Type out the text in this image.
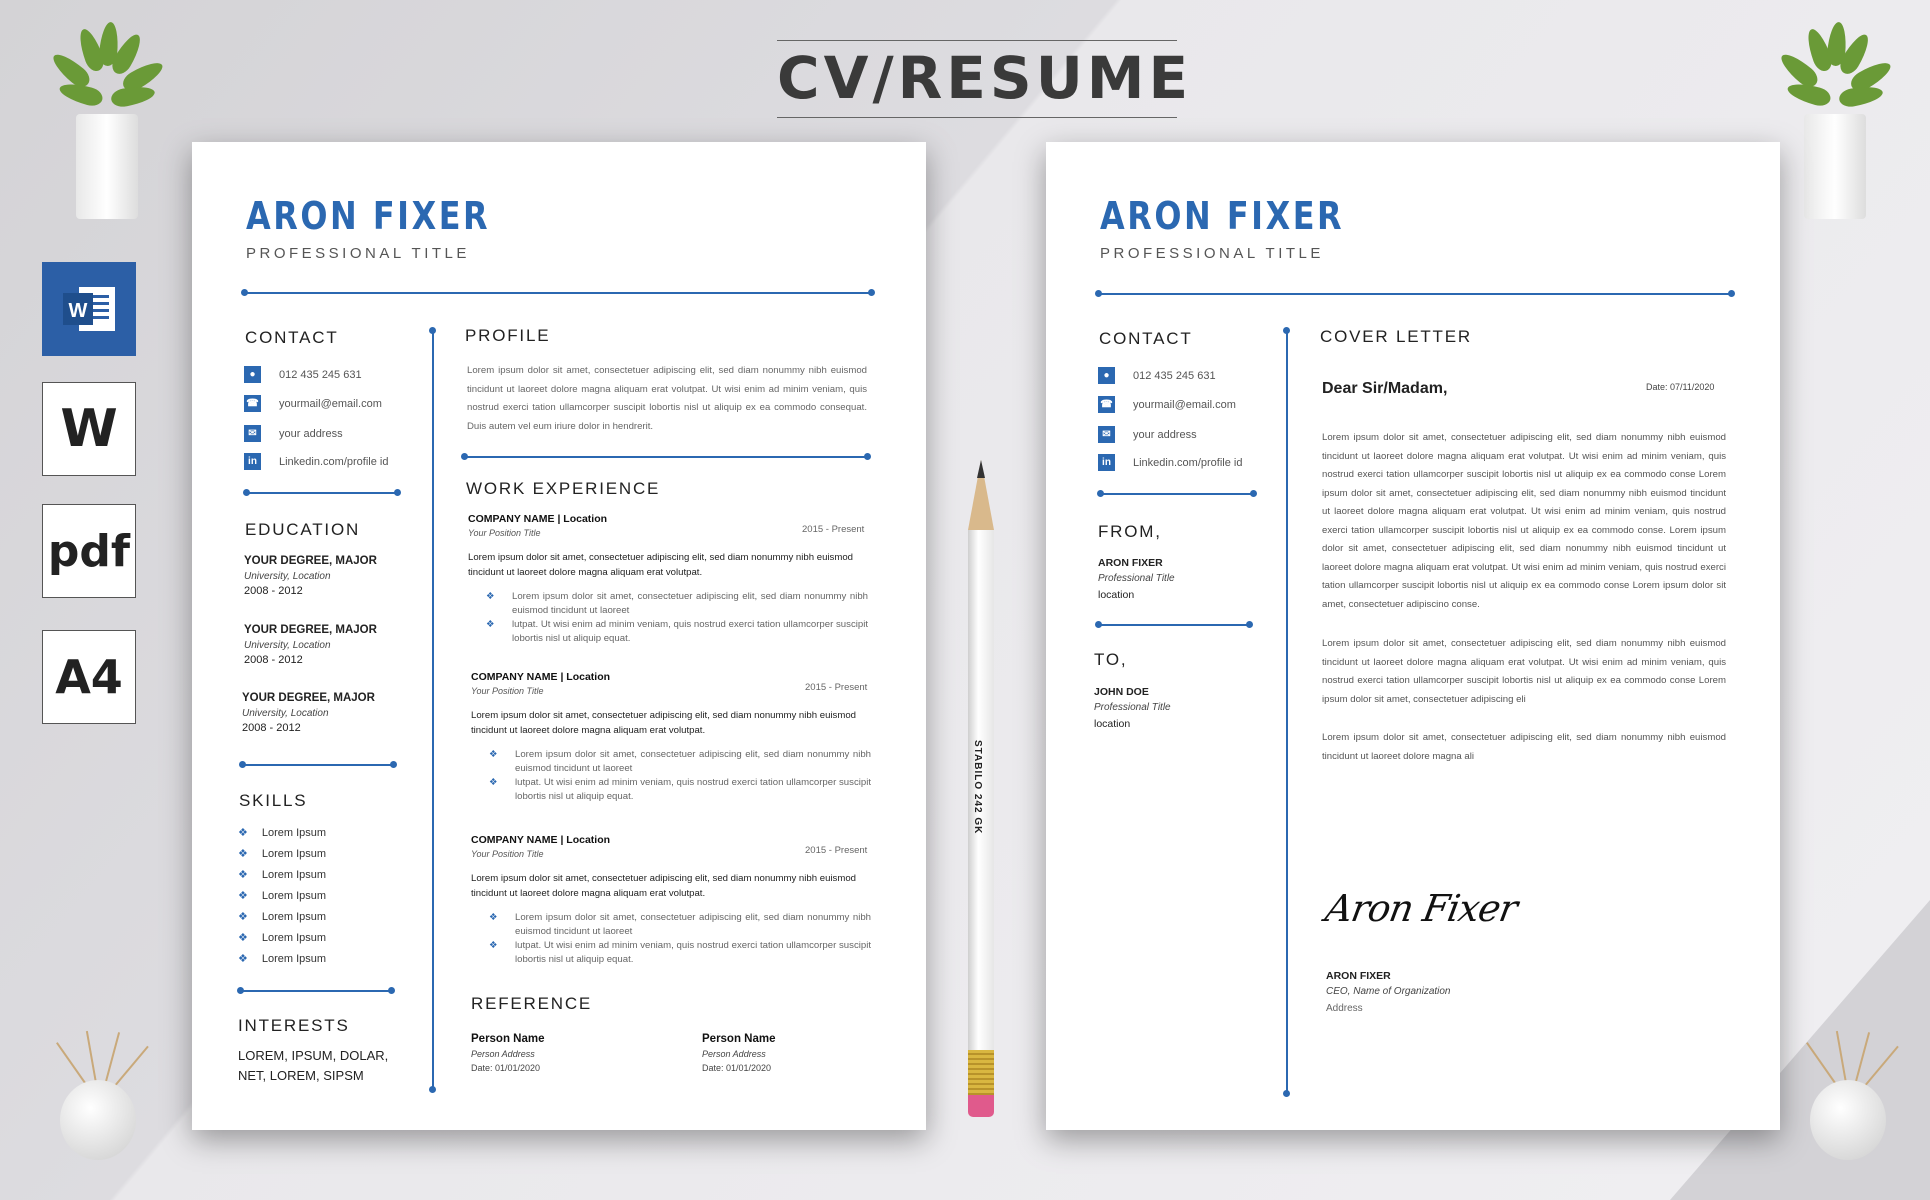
CV/RESUME
W
W
pdf
A4
ARON FIXER
PROFESSIONAL TITLE
CONTACT
●	012 435 245 631
☎ yourmail@email.com
✉	your address
in	Linkedin.com/profile id
EDUCATION
YOUR DEGREE, MAJOR
University, Location
2008 - 2012
YOUR DEGREE, MAJOR
University, Location
2008 - 2012
YOUR DEGREE, MAJOR
University, Location
2008 - 2012
SKILLS
❖ Lorem Ipsum
❖ Lorem Ipsum
❖ Lorem Ipsum
❖ Lorem Ipsum
❖ Lorem Ipsum
❖ Lorem Ipsum
❖ Lorem Ipsum
INTERESTS
LOREM, IPSUM, DOLAR, NET, LOREM, SIPSM
PROFILE
Lorem ipsum dolor sit amet, consectetuer adipiscing elit, sed diam nonummy nibh euismod tincidunt ut laoreet dolore magna aliquam erat volutpat. Ut wisi enim ad minim veniam, quis nostrud exerci tation ullamcorper suscipit lobortis nisl ut aliquip ex ea commodo consequat. Duis autem vel eum iriure dolor in hendrerit.
WORK EXPERIENCE
COMPANY NAME | Location
Your Position Title	2015 - Present
Lorem ipsum dolor sit amet, consectetuer adipiscing elit, sed diam nonummy nibh euismod tincidunt ut laoreet dolore magna aliquam erat volutpat.
❖ Lorem ipsum dolor sit amet, consectetuer adipiscing elit, sed diam nonummy nibh euismod tincidunt ut laoreet
❖ lutpat. Ut wisi enim ad minim veniam, quis nostrud exerci tation ullamcorper suscipit lobortis nisl ut aliquip equat.
COMPANY NAME | Location
Your Position Title	2015 - Present
Lorem ipsum dolor sit amet, consectetuer adipiscing elit, sed diam nonummy nibh euismod tincidunt ut laoreet dolore magna aliquam erat volutpat.
❖ Lorem ipsum dolor sit amet, consectetuer adipiscing elit, sed diam nonummy nibh euismod tincidunt ut laoreet
❖ lutpat. Ut wisi enim ad minim veniam, quis nostrud exerci tation ullamcorper suscipit lobortis nisl ut aliquip equat.
COMPANY NAME | Location
Your Position Title	2015 - Present
Lorem ipsum dolor sit amet, consectetuer adipiscing elit, sed diam nonummy nibh euismod tincidunt ut laoreet dolore magna aliquam erat volutpat.
❖ Lorem ipsum dolor sit amet, consectetuer adipiscing elit, sed diam nonummy nibh euismod tincidunt ut laoreet
❖ lutpat. Ut wisi enim ad minim veniam, quis nostrud exerci tation ullamcorper suscipit lobortis nisl ut aliquip equat.
REFERENCE
Person Name
Person Address
Date: 01/01/2020
Person Name
Person Address
Date: 01/01/2020
STABILO 242 GK
ARON FIXER
PROFESSIONAL TITLE
CONTACT
●	012 435 245 631
☎ yourmail@email.com
✉	your address
in	Linkedin.com/profile id
FROM,
ARON FIXER
Professional Title
location
TO,
JOHN DOE
Professional Title
location
COVER LETTER
Dear Sir/Madam,	Date: 07/11/2020
Lorem ipsum dolor sit amet, consectetuer adipiscing elit, sed diam nonummy nibh euismod tincidunt ut laoreet dolore magna aliquam erat volutpat. Ut wisi enim ad minim veniam, quis nostrud exerci tation ullamcorper suscipit lobortis nisl ut aliquip ex ea commodo conse Lorem ipsum dolor sit amet, consectetuer adipiscing elit, sed diam nonummy nibh euismod tincidunt ut laoreet dolore magna aliquam erat volutpat. Ut wisi enim ad minim veniam, quis nostrud exerci tation ullamcorper suscipit lobortis nisl ut aliquip ex ea commodo conse. Lorem ipsum dolor sit amet, consectetuer adipiscing elit, sed diam nonummy nibh euismod tincidunt ut laoreet dolore magna aliquam erat volutpat. Ut wisi enim ad minim veniam, quis nostrud exerci tation ullamcorper suscipit lobortis nisl ut aliquip ex ea commodo conse Lorem ipsum dolor sit amet, consectetuer adipiscino conse.
Lorem ipsum dolor sit amet, consectetuer adipiscing elit, sed diam nonummy nibh euismod tincidunt ut laoreet dolore magna aliquam erat volutpat. Ut wisi enim ad minim veniam, quis nostrud exerci tation ullamcorper suscipit lobortis nisl ut aliquip ex ea commodo conse Lorem ipsum dolor sit amet, consectetuer adipiscing eli
Lorem ipsum dolor sit amet, consectetuer adipiscing elit, sed diam nonummy nibh euismod tincidunt ut laoreet dolore magna ali
Aron Fixer
ARON FIXER
CEO, Name of Organization
Address
